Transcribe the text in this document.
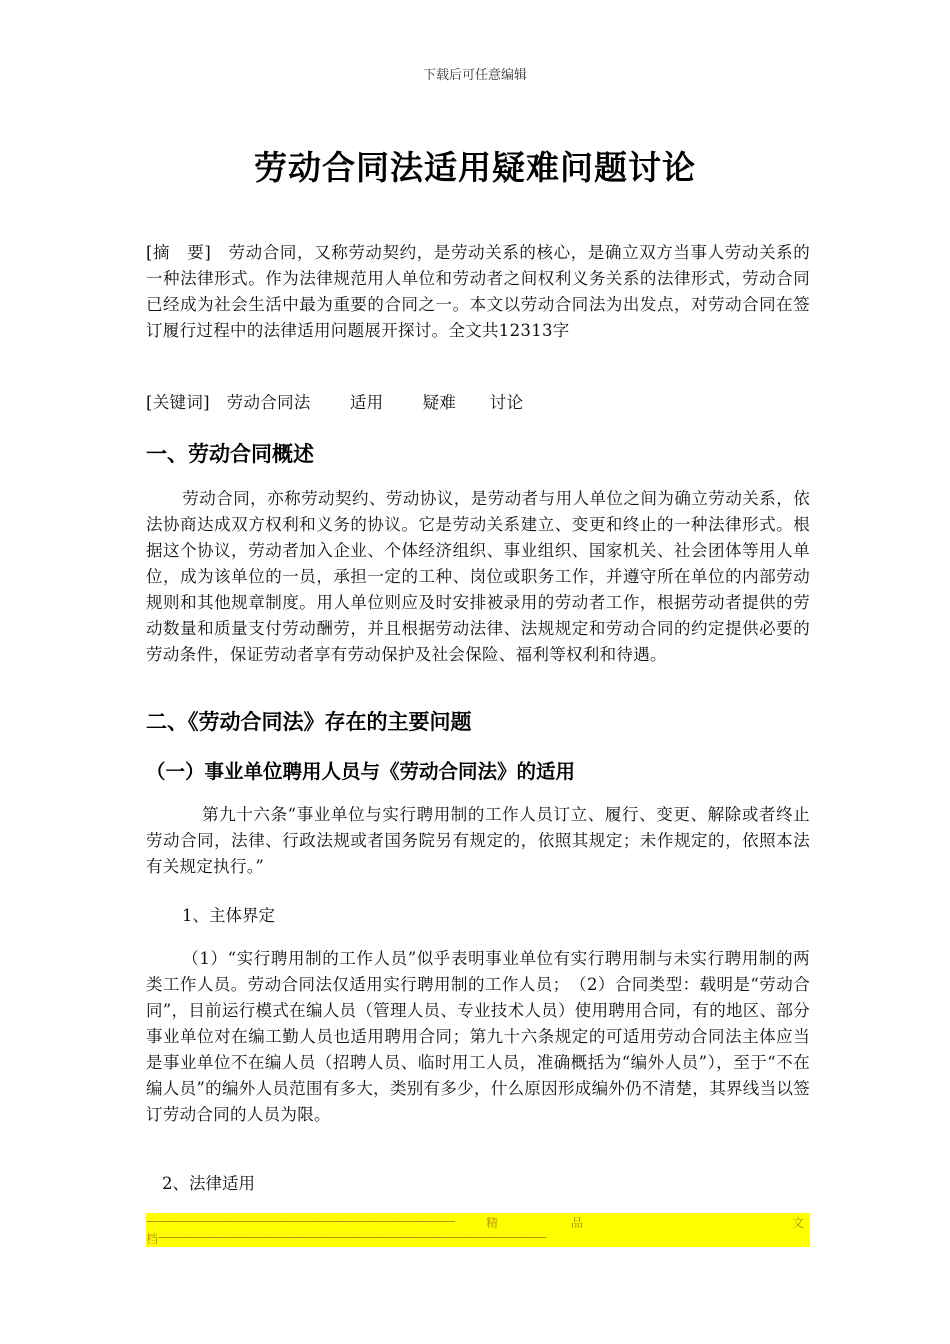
下载后可任意编辑
劳动合同法适用疑难问题讨论

[摘　要]　劳动合同，又称劳动契约，是劳动关系的核心，是确立双方当事人劳动关系的一种法律形式。作为法律规范用人单位和劳动者之间权利义务关系的法律形式，劳动合同已经成为社会生活中最为重要的合同之一。本文以劳动合同法为出发点，对劳动合同在签订履行过程中的法律适用问题展开探讨。全文共12313字

[关键词]　劳动合同法　　 适用　　 疑难　　讨论
一、劳动合同概述

劳动合同，亦称劳动契约、劳动协议，是劳动者与用人单位之间为确立劳动关系，依法协商达成双方权利和义务的协议。它是劳动关系建立、变更和终止的一种法律形式。根据这个协议，劳动者加入企业、个体经济组织、事业组织、国家机关、社会团体等用人单位，成为该单位的一员，承担一定的工种、岗位或职务工作，并遵守所在单位的内部劳动规则和其他规章制度。用人单位则应及时安排被录用的劳动者工作，根据劳动者提供的劳动数量和质量支付劳动酬劳，并且根据劳动法律、法规规定和劳动合同的约定提供必要的劳动条件，保证劳动者享有劳动保护及社会保险、福利等权利和待遇。

二、《劳动合同法》存在的主要问题
（一）事业单位聘用人员与《劳动合同法》的适用

第九十六条“事业单位与实行聘用制的工作人员订立、履行、变更、解除或者终止劳动合同，法律、行政法规或者国务院另有规定的，依照其规定；未作规定的，依照本法有关规定执行。”

1、主体界定

（1）“实行聘用制的工作人员”似乎表明事业单位有实行聘用制与未实行聘用制的两类工作人员。劳动合同法仅适用实行聘用制的工作人员；　（2）合同类型：载明是“劳动合同”，目前运行模式在编人员（管理人员、专业技术人员）使用聘用合同，有的地区、部分事业单位对在编工勤人员也适用聘用合同；第九十六条规定的可适用劳动合同法主体应当是事业单位不在编人员（招聘人员、临时用工人员，准确概括为“编外人员”），至于“不在编人员”的编外人员范围有多大，类别有多少，什么原因形成编外仍不清楚，其界线当以签订劳动合同的人员为限。

2、法律适用
-----------------------------------------------------------------------------------------------------	精	品	文
档-------------------------------------------------------------------------------------------------------------------------------
